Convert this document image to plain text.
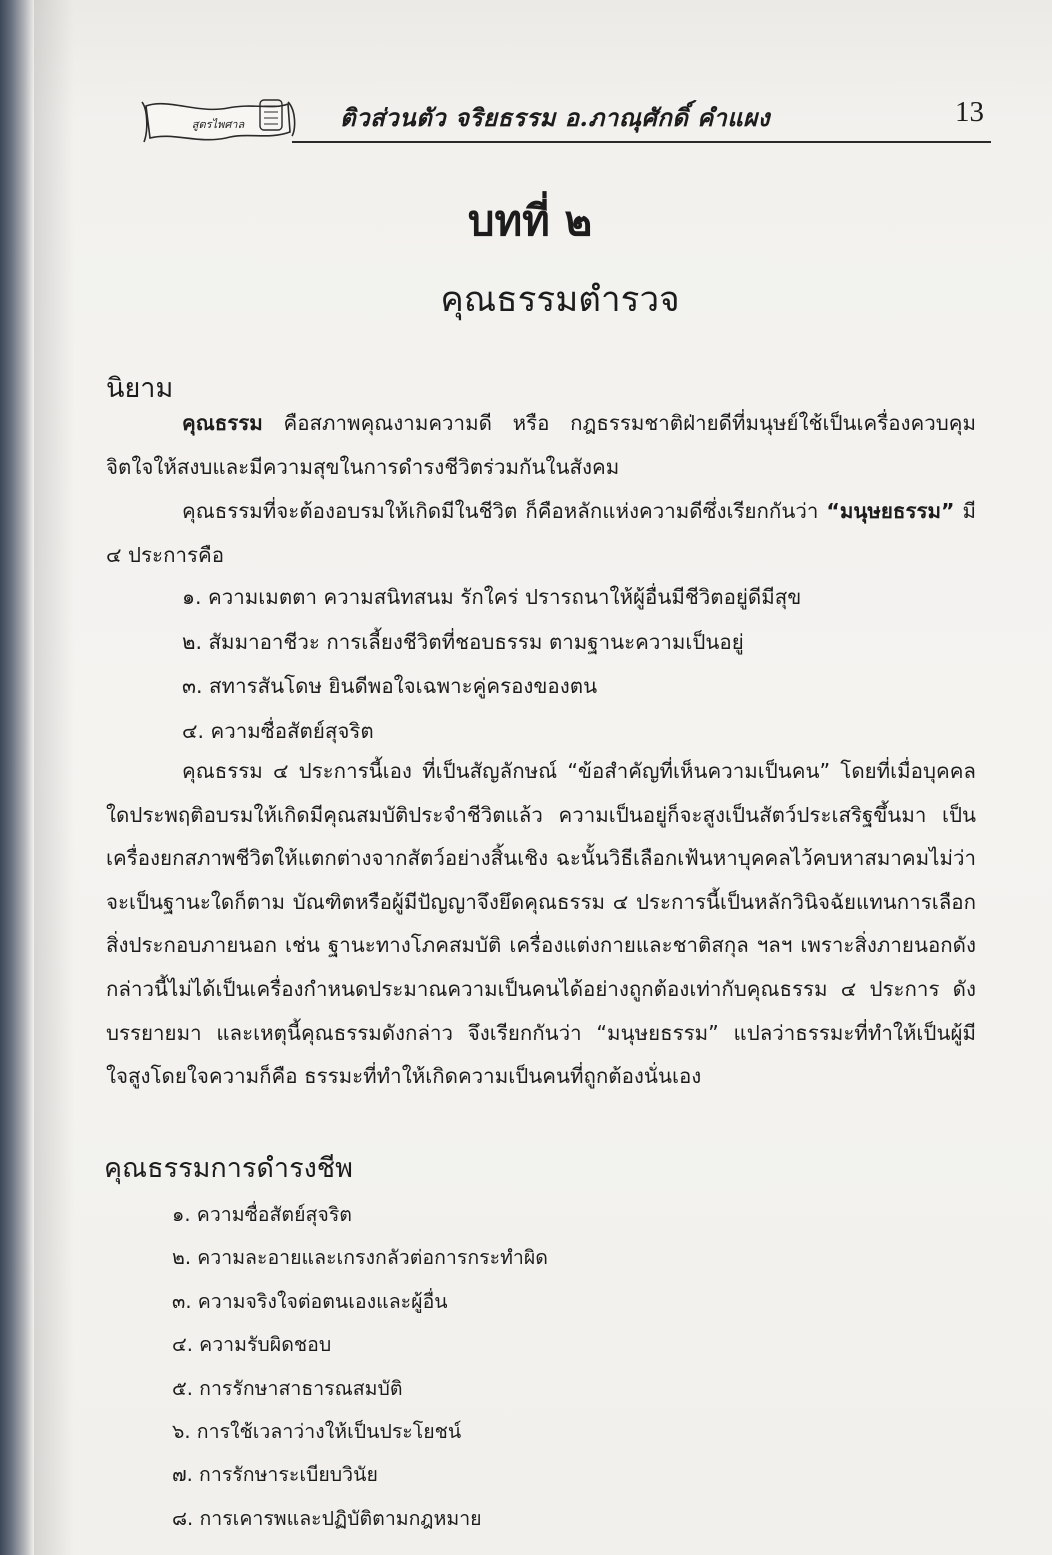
สูตรไพศาล	ติวส่วนตัว จริยธรรม อ.ภาณุศักดิ์ คำแผง	13
บทที่ ๒
คุณธรรมตำรวจ
นิยาม
คุณธรรม คือสภาพคุณงามความดี หรือ กฎธรรมชาติฝ่ายดีที่มนุษย์ใช้เป็นเครื่องควบคุมจิตใจให้สงบและมีความสุขในการดำรงชีวิตร่วมกันในสังคม
คุณธรรมที่จะต้องอบรมให้เกิดมีในชีวิต ก็คือหลักแห่งความดีซึ่งเรียกกันว่า “มนุษยธรรม” มี ๔ ประการคือ
๑. ความเมตตา ความสนิทสนม รักใคร่ ปรารถนาให้ผู้อื่นมีชีวิตอยู่ดีมีสุข
๒. สัมมาอาชีวะ การเลี้ยงชีวิตที่ชอบธรรม ตามฐานะความเป็นอยู่
๓. สทารสันโดษ ยินดีพอใจเฉพาะคู่ครองของตน
๔. ความซื่อสัตย์สุจริต
คุณธรรม ๔ ประการนี้เอง ที่เป็นสัญลักษณ์ “ข้อสำคัญที่เห็นความเป็นคน” โดยที่เมื่อบุคคลใดประพฤติอบรมให้เกิดมีคุณสมบัติประจำชีวิตแล้ว ความเป็นอยู่ก็จะสูงเป็นสัตว์ประเสริฐขึ้นมา เป็นเครื่องยกสภาพชีวิตให้แตกต่างจากสัตว์อย่างสิ้นเชิง ฉะนั้นวิธีเลือกเฟ้นหาบุคคลไว้คบหาสมาคมไม่ว่าจะเป็นฐานะใดก็ตาม บัณฑิตหรือผู้มีปัญญาจึงยึดคุณธรรม ๔ ประการนี้เป็นหลักวินิจฉัยแทนการเลือกสิ่งประกอบภายนอก เช่น ฐานะทางโภคสมบัติ เครื่องแต่งกายและชาติสกุล ฯลฯ เพราะสิ่งภายนอกดังกล่าวนี้ไม่ได้เป็นเครื่องกำหนดประมาณความเป็นคนได้อย่างถูกต้องเท่ากับคุณธรรม ๔ ประการ ดังบรรยายมา และเหตุนี้คุณธรรมดังกล่าว จึงเรียกกันว่า “มนุษยธรรม” แปลว่าธรรมะที่ทำให้เป็นผู้มีใจสูงโดยใจความก็คือ ธรรมะที่ทำให้เกิดความเป็นคนที่ถูกต้องนั่นเอง
คุณธรรมการดำรงชีพ
๑. ความซื่อสัตย์สุจริต
๒. ความละอายและเกรงกลัวต่อการกระทำผิด
๓. ความจริงใจต่อตนเองและผู้อื่น
๔. ความรับผิดชอบ
๕. การรักษาสาธารณสมบัติ
๖. การใช้เวลาว่างให้เป็นประโยชน์
๗. การรักษาระเบียบวินัย
๘. การเคารพและปฏิบัติตามกฎหมาย
